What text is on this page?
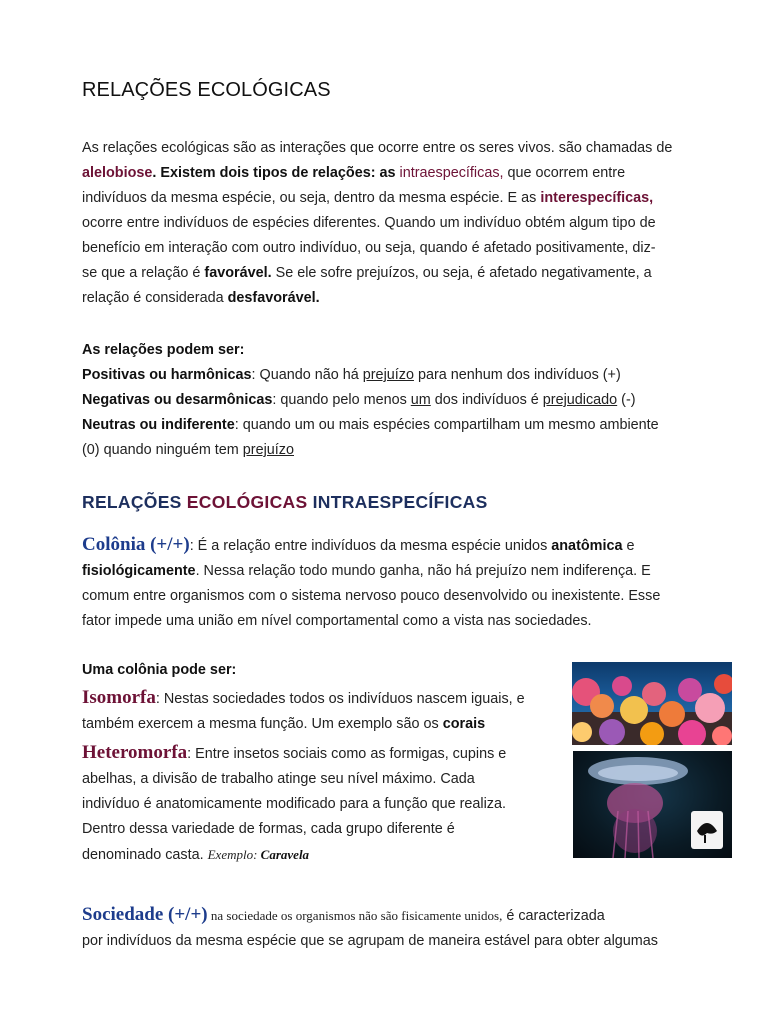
RELAÇÕES ECOLÓGICAS
As relações ecológicas são as interações que ocorre entre os seres vivos. são chamadas de
alelobiose. Existem dois tipos de relações: as intraespecíficas, que ocorrem entre
indivíduos da mesma espécie, ou seja, dentro da mesma espécie. E as interespecíficas,
ocorre entre indivíduos de espécies diferentes. Quando um indivíduo obtém algum tipo de
benefício em interação com outro indivíduo, ou seja, quando é afetado positivamente, diz-
se que a relação é favorável. Se ele sofre prejuízos, ou seja, é afetado negativamente, a
relação é considerada desfavorável.
As relações podem ser:
Positivas ou harmônicas: Quando não há prejuízo para nenhum dos indivíduos (+)
Negativas ou desarmônicas: quando pelo menos um dos indivíduos é prejudicado (-)
Neutras ou indiferente: quando um ou mais espécies compartilham um mesmo ambiente
(0) quando ninguém tem prejuízo
RELAÇÕES ECOLÓGICAS INTRAESPECÍFICAS
Colônia (+/+): É a relação entre indivíduos da mesma espécie unidos anatômica e
fisiológicamente. Nessa relação todo mundo ganha, não há prejuízo nem indiferença. E
comum entre organismos com o sistema nervoso pouco desenvolvido ou inexistente. Esse
fator impede uma união em nível comportamental como a vista nas sociedades.
Uma colônia pode ser:
Isomorfa: Nestas sociedades todos os indivíduos nascem iguais, e
também exercem a mesma função. Um exemplo são os corais
Heteromorfa: Entre insetos sociais como as formigas, cupins e
abelhas, a divisão de trabalho atinge seu nível máximo. Cada
indivíduo é anatomicamente modificado para a função que realiza.
Dentro dessa variedade de formas, cada grupo diferente é
denominado casta. Exemplo: Caravela
Sociedade (+/+) na sociedade os organismos não são fisicamente unidos, é caracterizada
por indivíduos da mesma espécie que se agrupam de maneira estável para obter algumas
